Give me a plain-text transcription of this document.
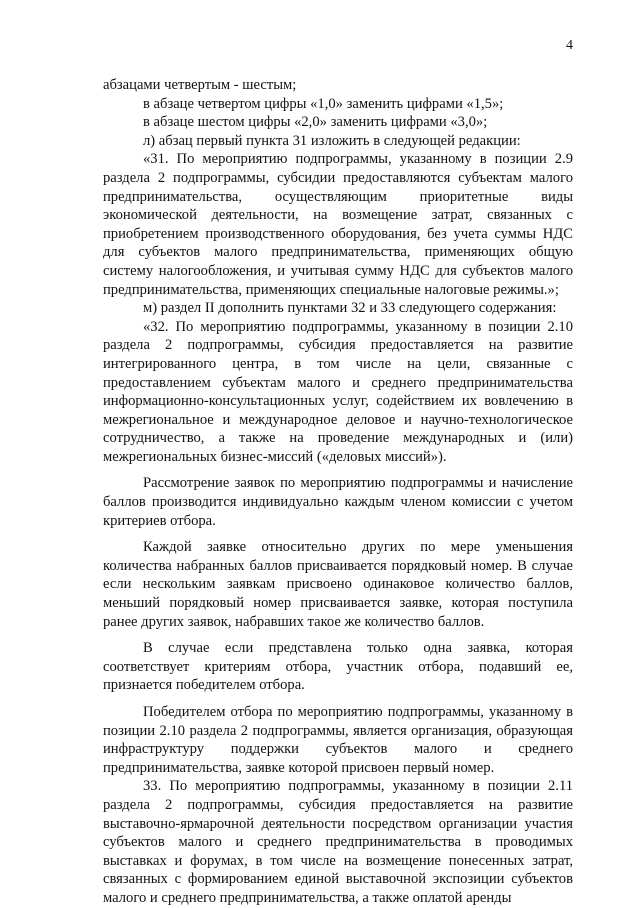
4

абзацами четвертым - шестым;

в абзаце четвертом цифры «1,0» заменить цифрами «1,5»;

в абзаце шестом цифры «2,0» заменить цифрами «3,0»;

л) абзац первый пункта 31 изложить в следующей редакции:

«31. По мероприятию подпрограммы, указанному в позиции 2.9 раздела 2 подпрограммы, субсидии предоставляются субъектам малого предпринимательства, осуществляющим приоритетные виды экономической деятельности, на возмещение затрат, связанных с приобретением производственного оборудования, без учета суммы НДС для субъектов малого предпринимательства, применяющих общую систему налогообложения, и учитывая сумму НДС для субъектов малого предпринимательства, применяющих специальные налоговые режимы.»;

м) раздел II дополнить пунктами 32 и 33 следующего содержания:

«32. По мероприятию подпрограммы, указанному в позиции 2.10 раздела 2 подпрограммы, субсидия предоставляется на развитие интегрированного центра, в том числе на цели, связанные с предоставлением субъектам малого и среднего предпринимательства информационно-консультационных услуг, содействием их вовлечению в межрегиональное и международное деловое и научно-технологическое сотрудничество, а также на проведение международных и (или) межрегиональных бизнес-миссий («деловых миссий»).

Рассмотрение заявок по мероприятию подпрограммы и начисление баллов производится индивидуально каждым членом комиссии с учетом критериев отбора.

Каждой заявке относительно других по мере уменьшения количества набранных баллов присваивается порядковый номер. В случае если нескольким заявкам присвоено одинаковое количество баллов, меньший порядковый номер присваивается заявке, которая поступила ранее других заявок, набравших такое же количество баллов.

В случае если представлена только одна заявка, которая соответствует критериям отбора, участник отбора, подавший ее, признается победителем отбора.

Победителем отбора по мероприятию подпрограммы, указанному в позиции 2.10 раздела 2 подпрограммы, является организация, образующая инфраструктуру поддержки субъектов малого и среднего предпринимательства, заявке которой присвоен первый номер.

33. По мероприятию подпрограммы, указанному в позиции 2.11 раздела 2 подпрограммы, субсидия предоставляется на развитие выставочно-ярмарочной деятельности посредством организации участия субъектов малого и среднего предпринимательства в проводимых выставках и форумах, в том числе на возмещение понесенных затрат, связанных с формированием единой выставочной экспозиции субъектов малого и среднего предпринимательства, а также оплатой аренды
